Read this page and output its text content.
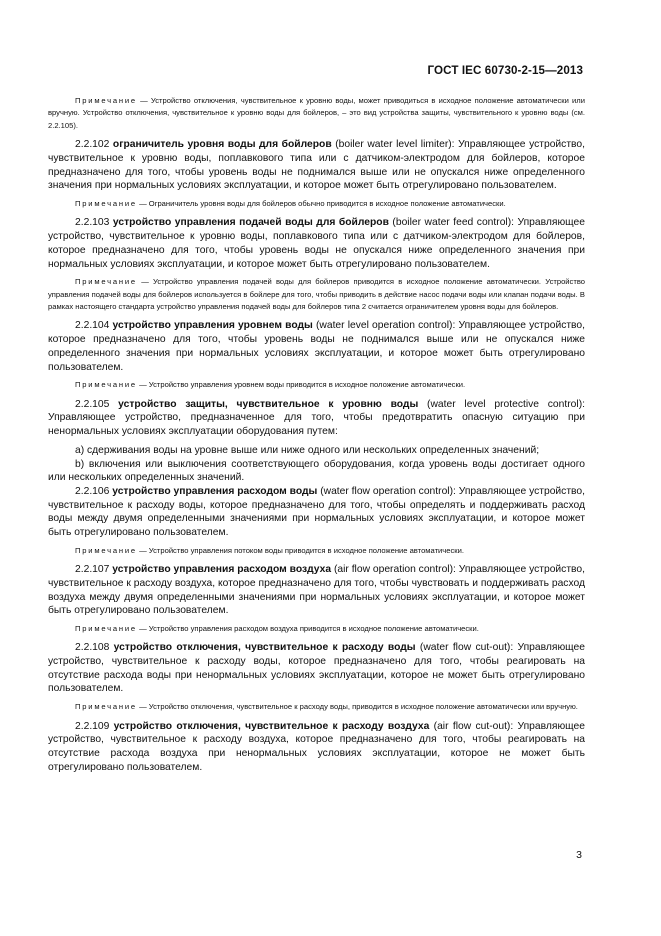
ГОСТ IEC 60730-2-15—2013

Примечание — Устройство отключения, чувствительное к уровню воды, может приводиться в исходное положение автоматически или вручную. Устройство отключения, чувствительное к уровню воды для бойлеров, – это вид устройства защиты, чувствительного к уровню воды (см. 2.2.105).

2.2.102 ограничитель уровня воды для бойлеров (boiler water level limiter): Управляющее устройство, чувствительное к уровню воды, поплавкового типа или с датчиком-электродом для бойлеров, которое предназначено для того, чтобы уровень воды не поднимался выше или не опускался ниже определенного значения при нормальных условиях эксплуатации, и которое может быть отрегулировано пользователем.

Примечание — Ограничитель уровня воды для бойлеров обычно приводится в исходное положение автоматически.

2.2.103 устройство управления подачей воды для бойлеров (boiler water feed control): Управляющее устройство, чувствительное к уровню воды, поплавкового типа или с датчиком-электродом для бойлеров, которое предназначено для того, чтобы уровень воды не опускался ниже определенного значения при нормальных условиях эксплуатации, и которое может быть отрегулировано пользователем.

Примечание — Устройство управления подачей воды для бойлеров приводится в исходное положение автоматически. Устройство управления подачей воды для бойлеров используется в бойлере для того, чтобы приводить в действие насос подачи воды или клапан подачи воды. В рамках настоящего стандарта устройство управления подачей воды для бойлеров типа 2 считается ограничителем уровня воды для бойлеров.

2.2.104 устройство управления уровнем воды (water level operation control): Управляющее устройство, которое предназначено для того, чтобы уровень воды не поднимался выше или не опускался ниже определенного значения при нормальных условиях эксплуатации, и которое может быть отрегулировано пользователем.

Примечание — Устройство управления уровнем воды приводится в исходное положение автоматически.

2.2.105 устройство защиты, чувствительное к уровню воды (water level protective control): Управляющее устройство, предназначенное для того, чтобы предотвратить опасную ситуацию при ненормальных условиях эксплуатации оборудования путем:

a) сдерживания воды на уровне выше или ниже одного или нескольких определенных значений;

b) включения или выключения соответствующего оборудования, когда уровень воды достигает одного или нескольких определенных значений.

2.2.106 устройство управления расходом воды (water flow operation control): Управляющее устройство, чувствительное к расходу воды, которое предназначено для того, чтобы определять и поддерживать расход воды между двумя определенными значениями при нормальных условиях эксплуатации, и которое может быть отрегулировано пользователем.

Примечание — Устройство управления потоком воды приводится в исходное положение автоматически.

2.2.107 устройство управления расходом воздуха (air flow operation control): Управляющее устройство, чувствительное к расходу воздуха, которое предназначено для того, чтобы чувствовать и поддерживать расход воздуха между двумя определенными значениями при нормальных условиях эксплуатации, и которое может быть отрегулировано пользователем.

Примечание — Устройство управления расходом воздуха приводится в исходное положение автоматически.

2.2.108 устройство отключения, чувствительное к расходу воды (water flow cut-out): Управляющее устройство, чувствительное к расходу воды, которое предназначено для того, чтобы реагировать на отсутствие расхода воды при ненормальных условиях эксплуатации, которое не может быть отрегулировано пользователем.

Примечание — Устройство отключения, чувствительное к расходу воды, приводится в исходное положение автоматически или вручную.

2.2.109 устройство отключения, чувствительное к расходу воздуха (air flow cut-out): Управляющее устройство, чувствительное к расходу воздуха, которое предназначено для того, чтобы реагировать на отсутствие расхода воздуха при ненормальных условиях эксплуатации, которое не может быть отрегулировано пользователем.

3
